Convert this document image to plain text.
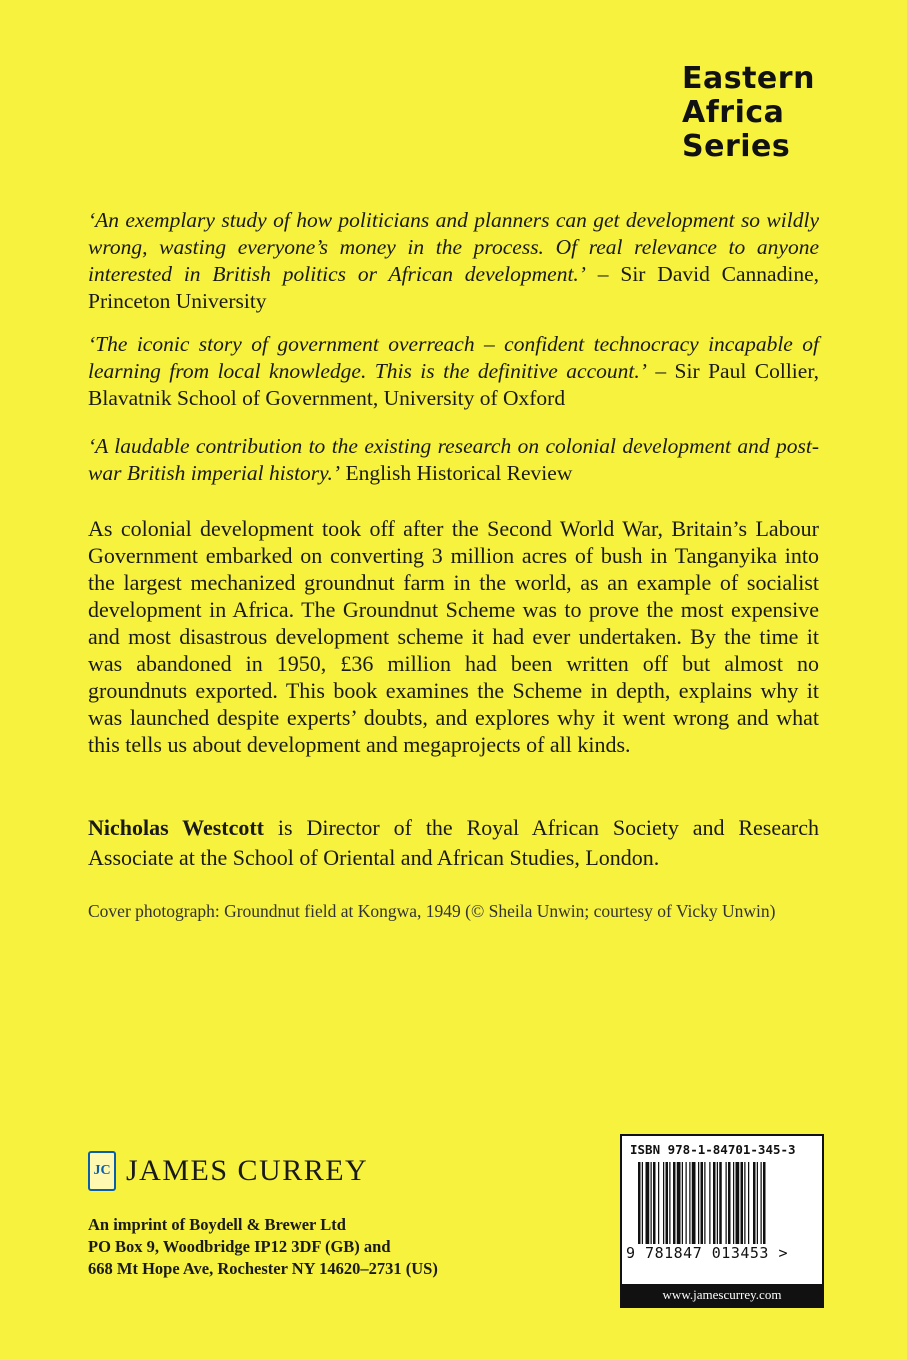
Eastern
Africa
Series
‘An exemplary study of how politicians and planners can get development so wildly wrong, wasting everyone’s money in the process. Of real relevance to anyone interested in British politics or African development.’ – Sir David Cannadine, Princeton University
‘The iconic story of government overreach – confident technocracy incapable of learning from local knowledge. This is the definitive account.’ – Sir Paul Collier, Blavatnik School of Government, University of Oxford
‘A laudable contribution to the existing research on colonial development and post-war British imperial history.’ English Historical Review
As colonial development took off after the Second World War, Britain’s Labour Government embarked on converting 3 million acres of bush in Tanganyika into the largest mechanized groundnut farm in the world, as an example of socialist development in Africa. The Groundnut Scheme was to prove the most expensive and most disastrous development scheme it had ever undertaken. By the time it was abandoned in 1950, £36 million had been written off but almost no groundnuts exported. This book examines the Scheme in depth, explains why it was launched despite experts’ doubts, and explores why it went wrong and what this tells us about development and megaprojects of all kinds.
Nicholas Westcott is Director of the Royal African Society and Research Associate at the School of Oriental and African Studies, London.
Cover photograph: Groundnut field at Kongwa, 1949 (© Sheila Unwin; courtesy of Vicky Unwin)
JC JAMES CURREY
An imprint of Boydell & Brewer Ltd
PO Box 9, Woodbridge IP12 3DF (GB) and
668 Mt Hope Ave, Rochester NY 14620–2731 (US)
ISBN 978-1-84701-345-3
9 781847 013453 >
www.jamescurrey.com
